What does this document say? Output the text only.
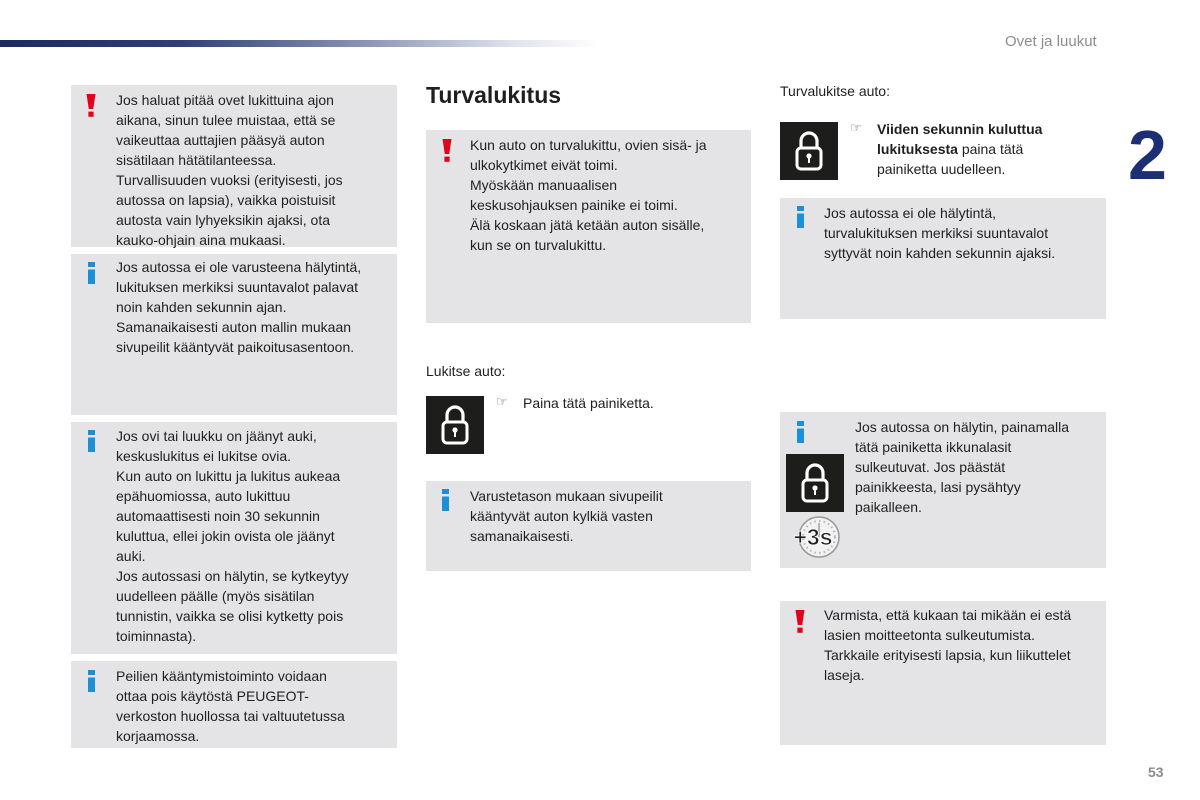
Ovet ja luukut
2
Jos haluat pitää ovet lukittuina ajon
aikana, sinun tulee muistaa, että se
vaikeuttaa auttajien pääsyä auton
sisätilaan hätätilanteessa.
Turvallisuuden vuoksi (erityisesti, jos
autossa on lapsia), vaikka poistuisit
autosta vain lyhyeksikin ajaksi, ota
kauko-ohjain aina mukaasi.
Jos autossa ei ole varusteena hälytintä,
lukituksen merkiksi suuntavalot palavat
noin kahden sekunnin ajan.
Samanaikaisesti auton mallin mukaan
sivupeilit kääntyvät paikoitusasentoon.
Jos ovi tai luukku on jäänyt auki,
keskuslukitus ei lukitse ovia.
Kun auto on lukittu ja lukitus aukeaa
epähuomiossa, auto lukittuu
automaattisesti noin 30 sekunnin
kuluttua, ellei jokin ovista ole jäänyt
auki.
Jos autossasi on hälytin, se kytkeytyy
uudelleen päälle (myös sisätilan
tunnistin, vaikka se olisi kytketty pois
toiminnasta).
Peilien kääntymistoiminto voidaan
ottaa pois käytöstä PEUGEOT-
verkoston huollossa tai valtuutetussa
korjaamossa.
Turvalukitus
Kun auto on turvalukittu, ovien sisä- ja
ulkokytkimet eivät toimi.
Myöskään manuaalisen
keskusohjauksen painike ei toimi.
Älä koskaan jätä ketään auton sisälle,
kun se on turvalukittu.
Lukitse auto:
☞ Paina tätä painiketta.
Varustetason mukaan sivupeilit
kääntyvät auton kylkiä vasten
samanaikaisesti.
Turvalukitse auto:
☞ Viiden sekunnin kuluttua
lukituksesta paina tätä
painiketta uudelleen.
Jos autossa ei ole hälytintä,
turvalukituksen merkiksi suuntavalot
syttyvät noin kahden sekunnin ajaksi.
+3s
Jos autossa on hälytin, painamalla
tätä painiketta ikkunalasit
sulkeutuvat. Jos päästät
painikkeesta, lasi pysähtyy
paikalleen.
Varmista, että kukaan tai mikään ei estä
lasien moitteetonta sulkeutumista.
Tarkkaile erityisesti lapsia, kun liikuttelet
laseja.
53
